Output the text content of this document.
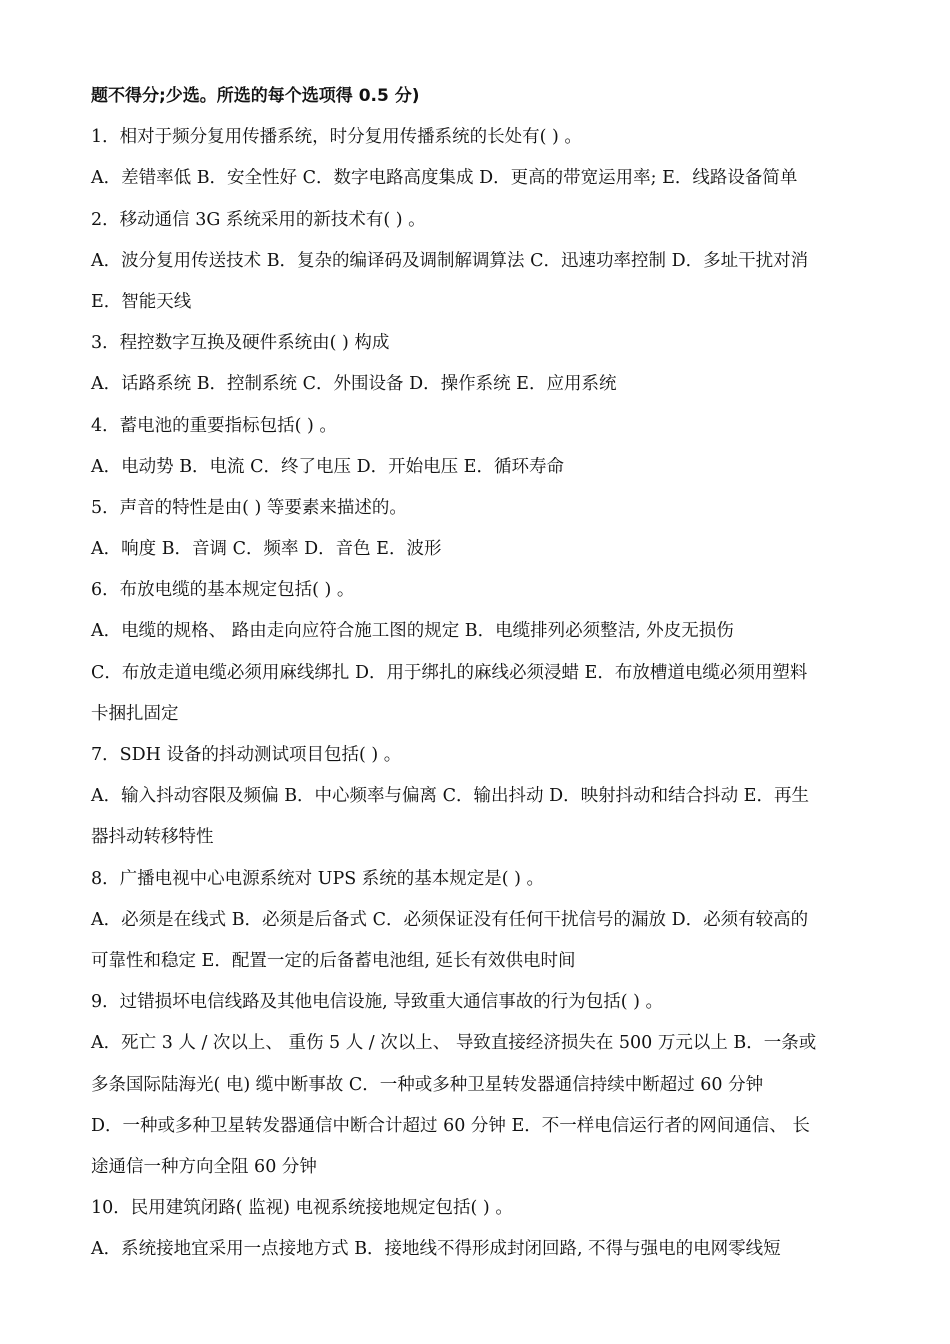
题不得分;少选。所选的每个选项得 0.5 分)
1．相对于频分复用传播系统，时分复用传播系统的长处有( ) 。
A．差错率低 B．安全性好 C．数字电路高度集成 D．更高的带宽运用率; E．线路设备简单
2．移动通信 3G 系统采用的新技术有( ) 。
A．波分复用传送技术 B．复杂的编译码及调制解调算法 C．迅速功率控制 D．多址干扰对消
E．智能天线
3．程控数字互换及硬件系统由( ) 构成
A．话路系统 B．控制系统 C．外围设备 D．操作系统 E．应用系统
4．蓄电池的重要指标包括( ) 。
A．电动势 B．电流 C．终了电压 D．开始电压 E．循环寿命
5．声音的特性是由( ) 等要素来描述的。
A．响度 B．音调 C．频率 D．音色 E．波形
6．布放电缆的基本规定包括( ) 。
A．电缆的规格、 路由走向应符合施工图的规定 B．电缆排列必须整洁, 外皮无损伤
C．布放走道电缆必须用麻线绑扎 D．用于绑扎的麻线必须浸蜡 E．布放槽道电缆必须用塑料
卡捆扎固定
7．SDH 设备的抖动测试项目包括( ) 。
A．输入抖动容限及频偏 B．中心频率与偏离 C．输出抖动 D．映射抖动和结合抖动 E．再生
器抖动转移特性
8．广播电视中心电源系统对 UPS 系统的基本规定是( ) 。
A．必须是在线式 B．必须是后备式 C．必须保证没有任何干扰信号的漏放 D．必须有较高的
可靠性和稳定 E．配置一定的后备蓄电池组, 延长有效供电时间
9．过错损坏电信线路及其他电信设施, 导致重大通信事故的行为包括( ) 。
A．死亡 3 人 / 次以上、 重伤 5 人 / 次以上、 导致直接经济损失在 500 万元以上 B．一条或
多条国际陆海光( 电) 缆中断事故 C．一种或多种卫星转发器通信持续中断超过 60 分钟
D．一种或多种卫星转发器通信中断合计超过 60 分钟 E．不一样电信运行者的网间通信、 长
途通信一种方向全阻 60 分钟
10．民用建筑闭路( 监视) 电视系统接地规定包括( ) 。
A．系统接地宜采用一点接地方式 B．接地线不得形成封闭回路, 不得与强电的电网零线短
